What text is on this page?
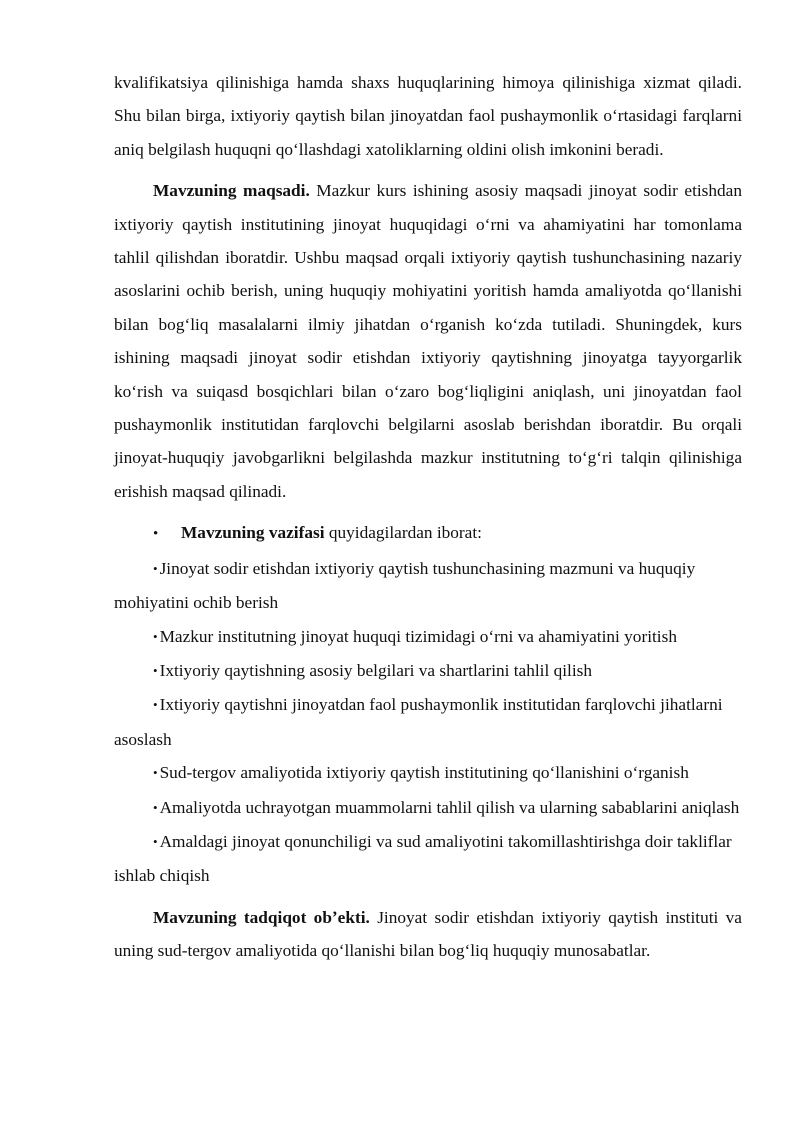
kvalifikatsiya qilinishiga hamda shaxs huquqlarining himoya qilinishiga xizmat qiladi. Shu bilan birga, ixtiyoriy qaytish bilan jinoyatdan faol pushaymonlik oʻrtasidagi farqlarni aniq belgilash huquqni qoʻllashdagi xatoliklarning oldini olish imkonini beradi.

Mavzuning maqsadi. Mazkur kurs ishining asosiy maqsadi jinoyat sodir etishdan ixtiyoriy qaytish institutining jinoyat huquqidagi oʻrni va ahamiyatini har tomonlama tahlil qilishdan iboratdir. Ushbu maqsad orqali ixtiyoriy qaytish tushunchasining nazariy asoslarini ochib berish, uning huquqiy mohiyatini yoritish hamda amaliyotda qoʻllanishi bilan bogʻliq masalalarni ilmiy jihatdan oʻrganish koʻzda tutiladi. Shuningdek, kurs ishining maqsadi jinoyat sodir etishdan ixtiyoriy qaytishning jinoyatga tayyorgarlik koʻrish va suiqasd bosqichlari bilan oʻzaro bogʻliqligini aniqlash, uni jinoyatdan faol pushaymonlik institutidan farqlovchi belgilarni asoslab berishdan iboratdir. Bu orqali jinoyat-huquqiy javobgarlikni belgilashda mazkur institutning toʻgʻri talqin qilinishiga erishish maqsad qilinadi.

• Mavzuning vazifasi quyidagilardan iborat:

• Jinoyat sodir etishdan ixtiyoriy qaytish tushunchasining mazmuni va huquqiy mohiyatini ochib berish

• Mazkur institutning jinoyat huquqi tizimidagi oʻrni va ahamiyatini yoritish

• Ixtiyoriy qaytishning asosiy belgilari va shartlarini tahlil qilish

• Ixtiyoriy qaytishni jinoyatdan faol pushaymonlik institutidan farqlovchi jihatlarni asoslash

• Sud-tergov amaliyotida ixtiyoriy qaytish institutining qoʻllanishini oʻrganish

• Amaliyotda uchrayotgan muammolarni tahlil qilish va ularning sabablarini aniqlash

• Amaldagi jinoyat qonunchiligi va sud amaliyotini takomillashtirishga doir takliflar ishlab chiqish

Mavzuning tadqiqot obʼekti. Jinoyat sodir etishdan ixtiyoriy qaytish instituti va uning sud-tergov amaliyotida qoʻllanishi bilan bogʻliq huquqiy munosabatlar.
